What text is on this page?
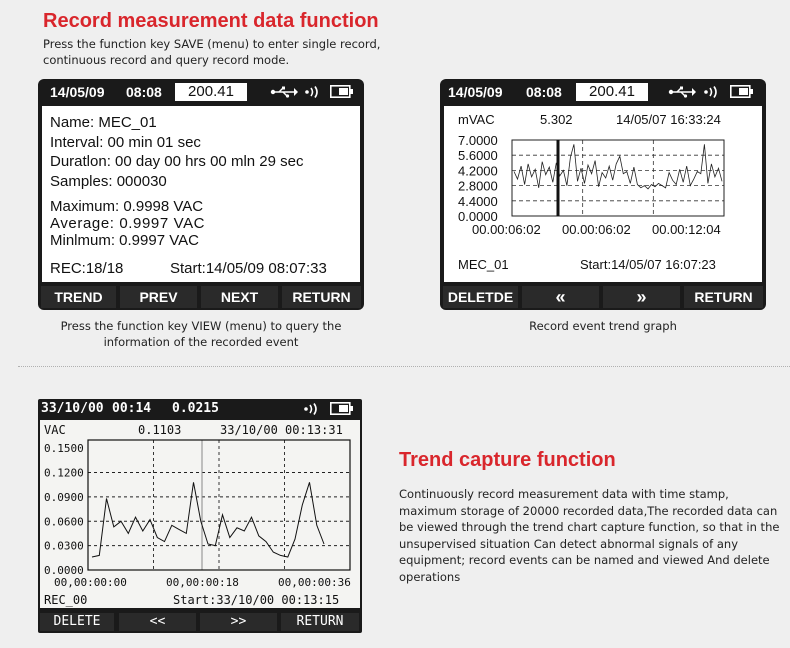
Record measurement data function
Press the function key SAVE (menu) to enter single record, continuous record and query record mode.
14/05/09 08:08	200.41
Name: MEC_01
Interval: 00 min 01 sec
Duratlon: 00 day 00 hrs 00 mln 29 sec
Samples: 000030
Maximum: 0.9998 VAC
Average: 0.9997 VAC
Minlmum: 0.9997 VAC
REC:18/18	Start:14/05/09 08:07:33
TREND	PREV	NEXT	RETURN
Press the function key VIEW (menu) to query the information of the recorded event
14/05/09 08:08	200.41
mVAC	5.302	14/05/07 16:33:24
7.0000
5.6000
4.2000
2.8000
4.4000
0.0000
00.00:06:02 00.00:06:02 00.00:12:04
MEC_01	Start:14/05/07 16:07:23
DELETDE	«	»	RETURN
Record event trend graph
33/10/00 00:14 0.0215
VAC	0.1103	33/10/00 00:13:31
0.1500
0.1200
0.0900
0.0600
0.0300
0.0000
00,00:00:00	00,00:00:18	00,00:00:36
REC_00	Start:33/10/00 00:13:15
DELETE	<<	>>	RETURN
Trend capture function
Continuously record measurement data with time stamp, maximum storage of 20000 recorded data,The recorded data can be viewed through the trend chart capture function, so that in the unsupervised situation Can detect abnormal signals of any equipment; record events can be named and viewed And delete operations
